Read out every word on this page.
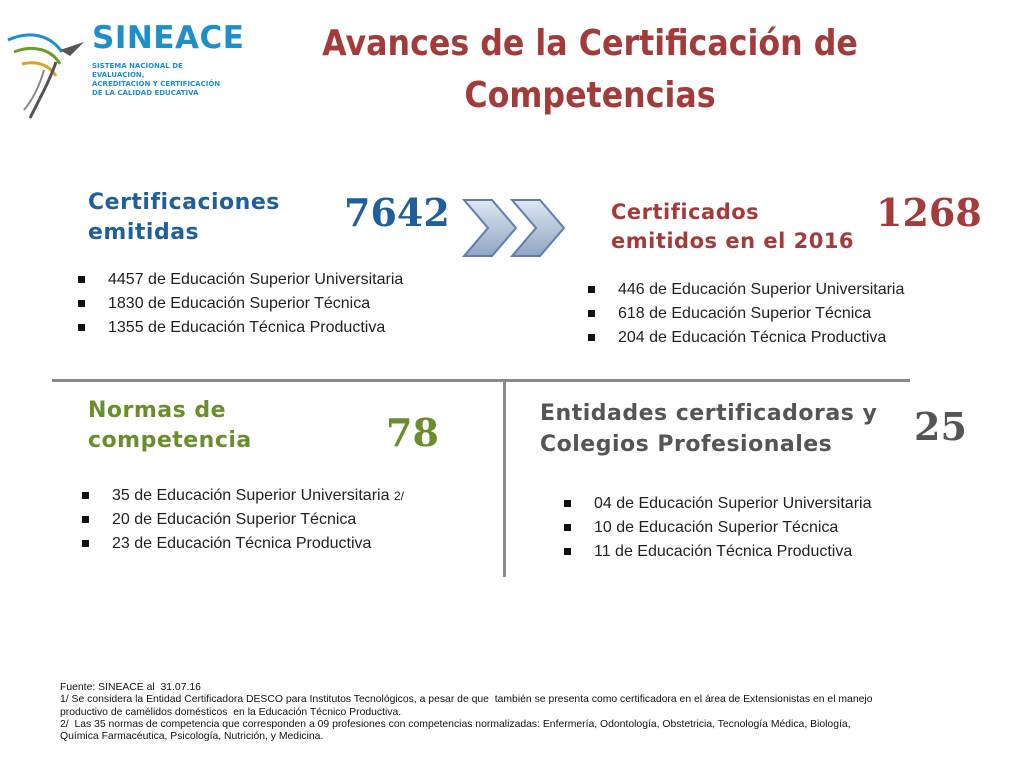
SINEACE
SISTEMA NACIONAL DE EVALUACIÓN,
ACREDITACIÓN Y CERTIFICACIÓN
DE LA CALIDAD EDUCATIVA
Avances de la Certificación de
Competencias
Certificaciones
emitidas	7642
4457 de Educación Superior Universitaria
1830 de Educación Superior Técnica
1355 de Educación Técnica Productiva
Certificados
emitidos en el 2016
1268
446 de Educación Superior Universitaria
618 de Educación Superior Técnica
204 de Educación Técnica Productiva
Normas de
competencia	78
35 de Educación Superior Universitaria 2/
20 de Educación Superior Técnica
23 de Educación Técnica Productiva
Entidades certificadoras y
Colegios Profesionales	25
04 de Educación Superior Universitaria
10 de Educación Superior Técnica
11 de Educación Técnica Productiva
Fuente: SINEACE al  31.07.16
1/ Se considera la Entidad Certificadora DESCO para Institutos Tecnológicos, a pesar de que  también se presenta como certificadora en el área de Extensionistas en el manejo
productivo de camélidos domésticos  en la Educación Técnico Productiva.
2/  Las 35 normas de competencia que corresponden a 09 profesiones con competencias normalizadas: Enfermería, Odontología, Obstetricia, Tecnología Médica, Biología,
Química Farmacéutica, Psicología, Nutrición, y Medicina.
